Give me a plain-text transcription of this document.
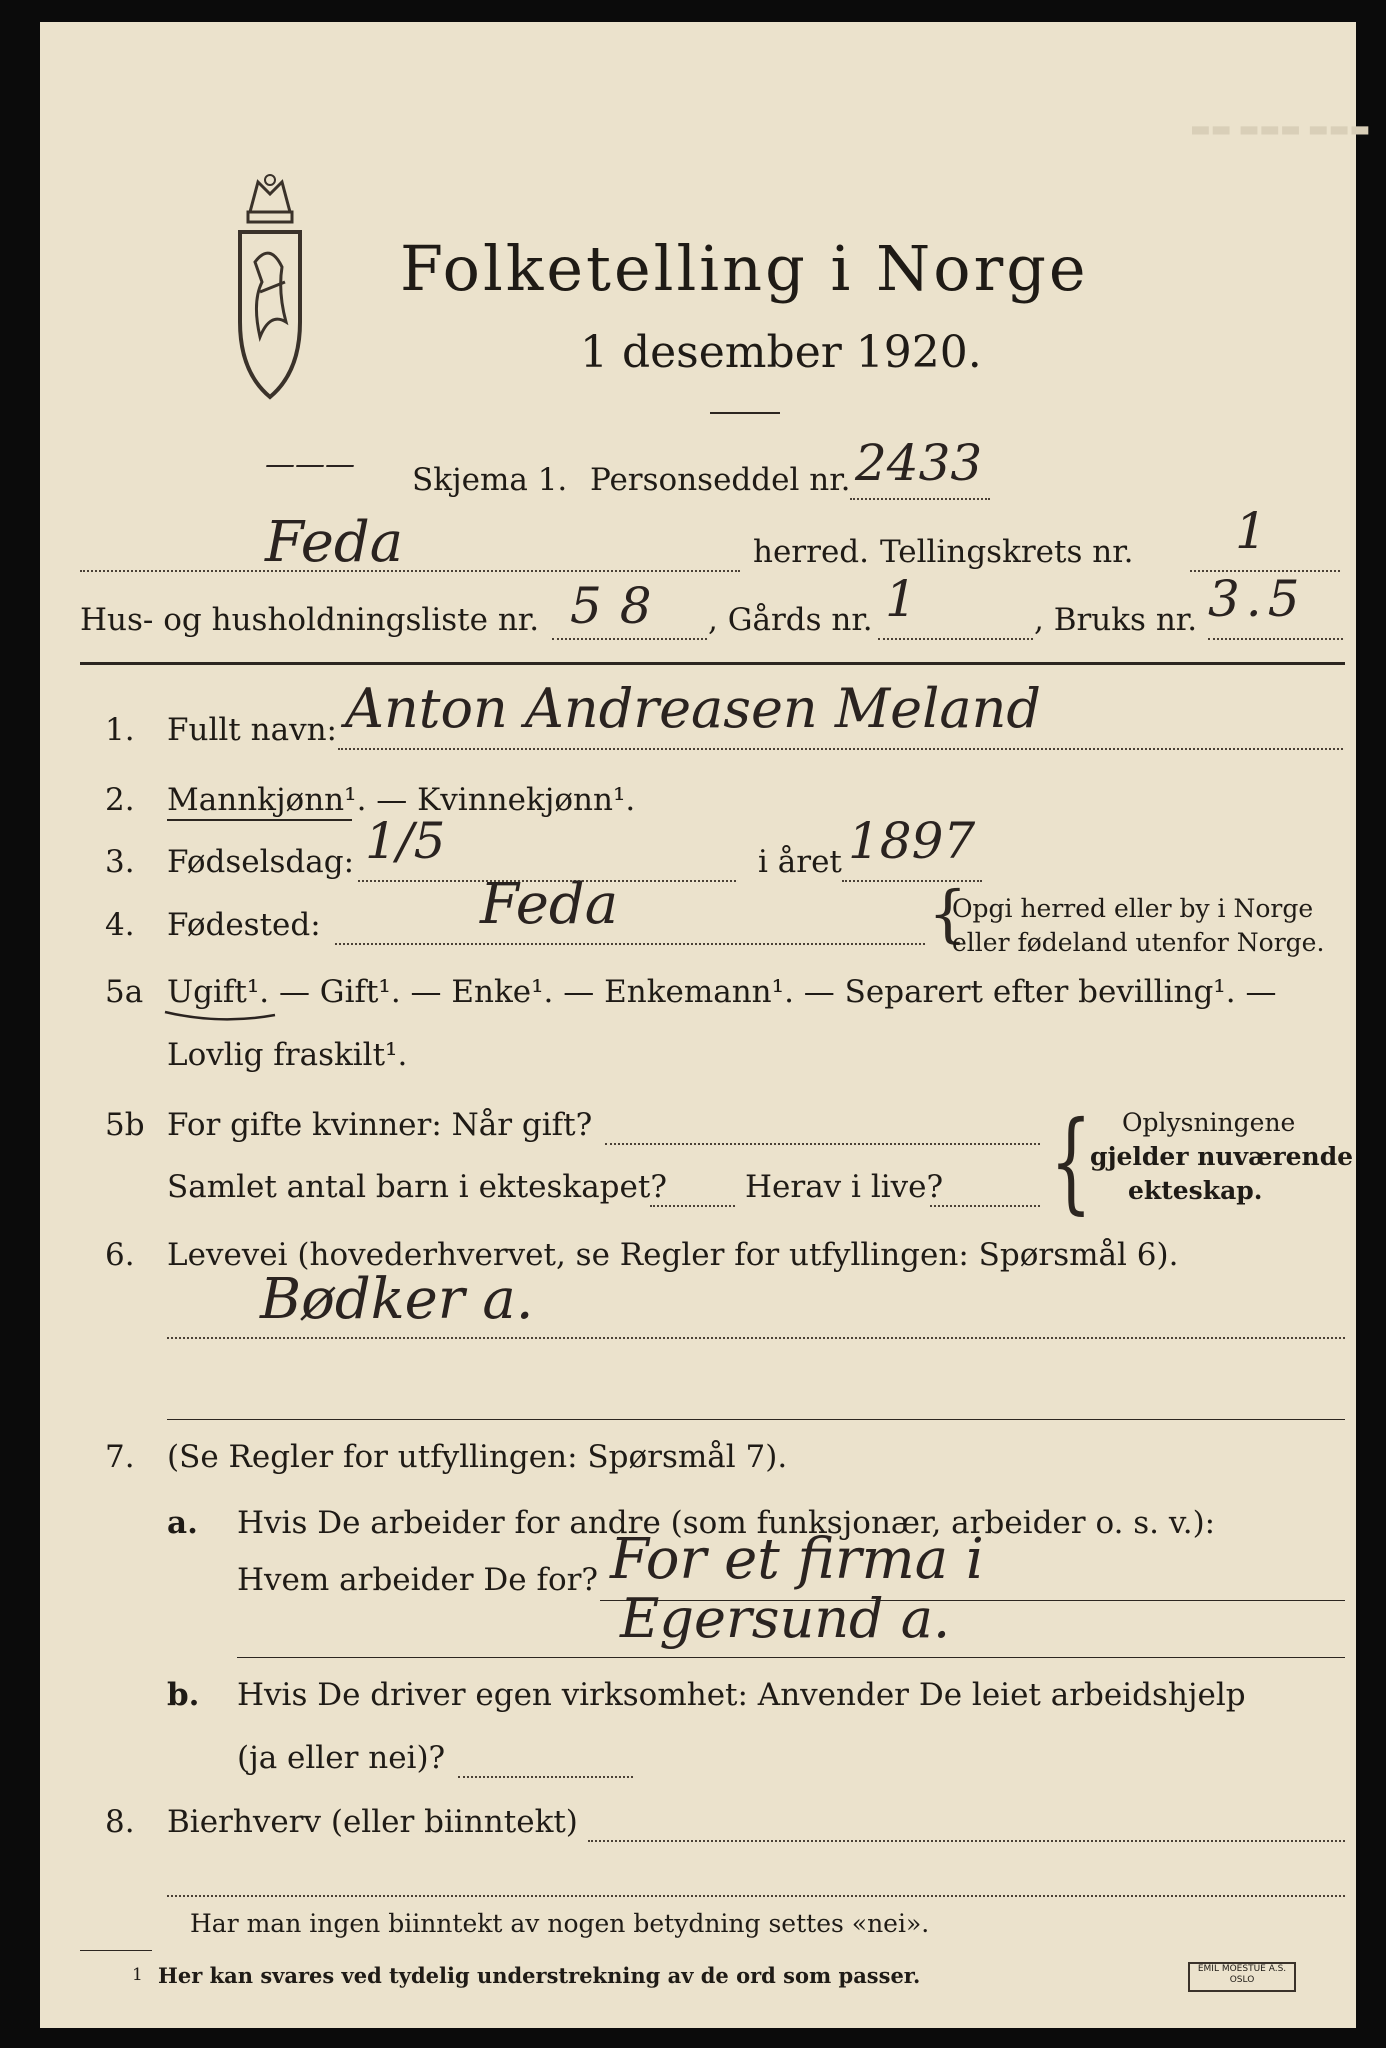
▬▬ ▬▬▬ ▬▬▬
Folketelling i Norge
1 desember 1920.
——— Skjema 1. Personseddel nr. 2433
Feda	herred. Tellingskrets nr. 1
Hus- og husholdningsliste nr. 58 , Gårds nr. 1	, Bruks nr. 3.5
1. Fullt navn: Anton Andreasen Meland
2. Mannkjønn¹. — Kvinnekjønn¹.
3. Fødselsdag: 1/5	i året 1897
4. Fødested:	Feda	{
Opgi herred eller by i Norge
eller fødeland utenfor Norge.
5a Ugift¹. — Gift¹. — Enke¹. — Enkemann¹. — Separert efter bevilling¹. —
Lovlig fraskilt¹.
5b For gifte kvinner: Når gift?	{ Oplysningene
gjelder nuværende
ekteskap.
Samlet antal barn i ekteskapet?	Herav i live?
6. Levevei (hovederhvervet, se Regler for utfyllingen: Spørsmål 6).
Bødker a.
7. (Se Regler for utfyllingen: Spørsmål 7).
a. Hvis De arbeider for andre (som funksjonær, arbeider o. s. v.):
Hvem arbeider De for? For et firma i
Egersund a.
b. Hvis De driver egen virksomhet: Anvender De leiet arbeidshjelp
(ja eller nei)?
8. Bierhverv (eller biinntekt)
Har man ingen biinntekt av nogen betydning settes «nei».
1 Her kan svares ved tydelig understrekning av de ord som passer.	EMIL MOESTUE A.S. OSLO
